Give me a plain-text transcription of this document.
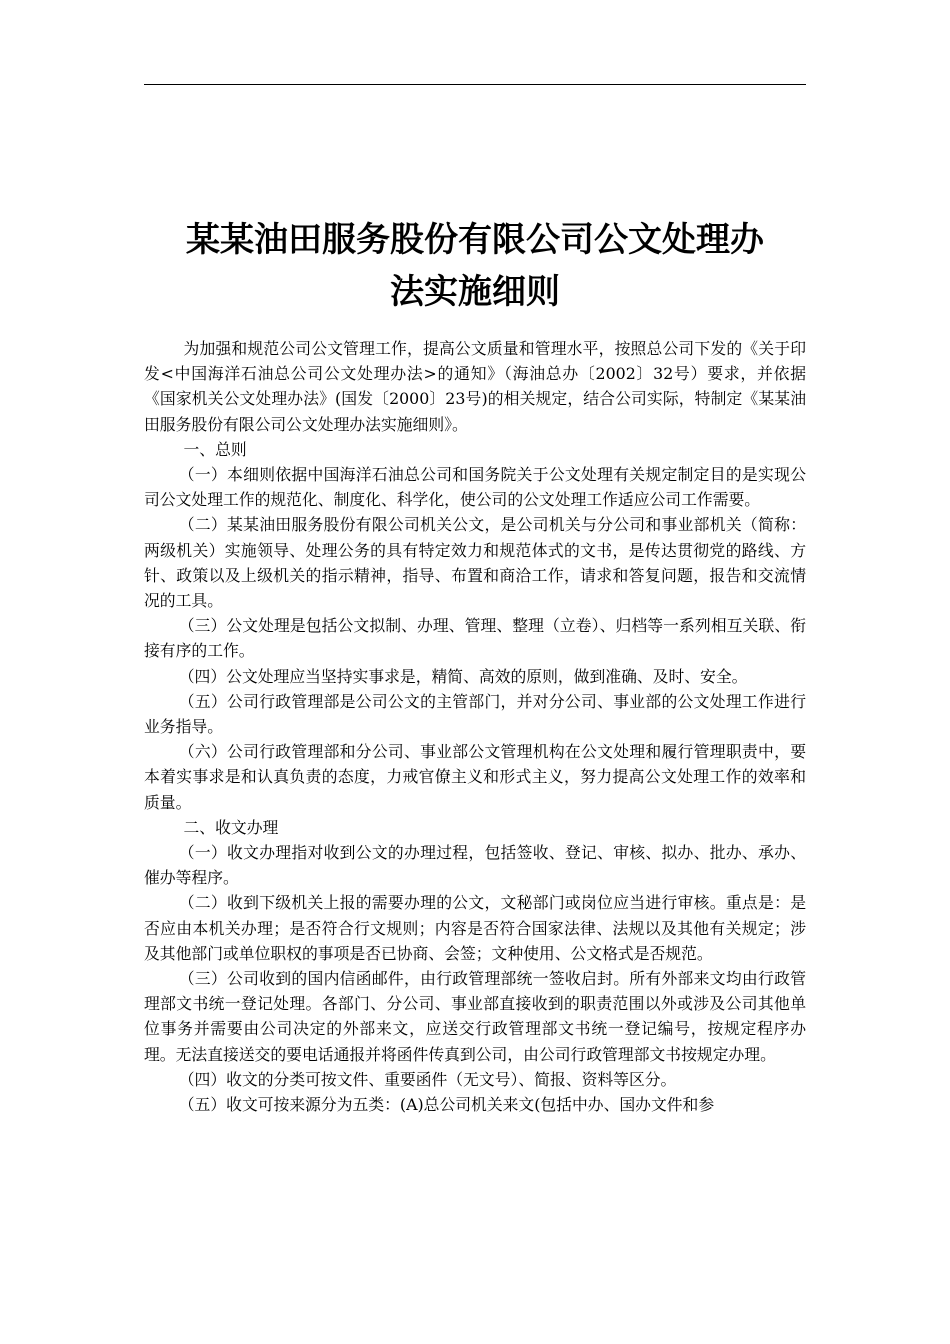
某某油田服务股份有限公司公文处理办
法实施细则

为加强和规范公司公文管理工作，提高公文质量和管理水平，按照总公司下发的《关于印发<中国海洋石油总公司公文处理办法>的通知》（海油总办〔2002〕32号）要求，并依据《国家机关公文处理办法》(国发〔2000〕23号)的相关规定，结合公司实际，特制定《某某油田服务股份有限公司公文处理办法实施细则》。

一、总则

（一）本细则依据中国海洋石油总公司和国务院关于公文处理有关规定制定目的是实现公司公文处理工作的规范化、制度化、科学化，使公司的公文处理工作适应公司工作需要。

（二）某某油田服务股份有限公司机关公文，是公司机关与分公司和事业部机关（简称：两级机关）实施领导、处理公务的具有特定效力和规范体式的文书，是传达贯彻党的路线、方针、政策以及上级机关的指示精神，指导、布置和商洽工作，请求和答复问题，报告和交流情况的工具。

（三）公文处理是包括公文拟制、办理、管理、整理（立卷）、归档等一系列相互关联、衔接有序的工作。

（四）公文处理应当坚持实事求是，精简、高效的原则，做到准确、及时、安全。

（五）公司行政管理部是公司公文的主管部门，并对分公司、事业部的公文处理工作进行业务指导。

（六）公司行政管理部和分公司、事业部公文管理机构在公文处理和履行管理职责中，要本着实事求是和认真负责的态度，力戒官僚主义和形式主义，努力提高公文处理工作的效率和质量。

二、收文办理

（一）收文办理指对收到公文的办理过程，包括签收、登记、审核、拟办、批办、承办、催办等程序。

（二）收到下级机关上报的需要办理的公文，文秘部门或岗位应当进行审核。重点是：是否应由本机关办理；是否符合行文规则；内容是否符合国家法律、法规以及其他有关规定；涉及其他部门或单位职权的事项是否已协商、会签；文种使用、公文格式是否规范。

（三）公司收到的国内信函邮件，由行政管理部统一签收启封。所有外部来文均由行政管理部文书统一登记处理。各部门、分公司、事业部直接收到的职责范围以外或涉及公司其他单位事务并需要由公司决定的外部来文，应送交行政管理部文书统一登记编号，按规定程序办理。无法直接送交的要电话通报并将函件传真到公司，由公司行政管理部文书按规定办理。

（四）收文的分类可按文件、重要函件（无文号）、简报、资料等区分。

（五）收文可按来源分为五类：(A)总公司机关来文(包括中办、国办文件和参
